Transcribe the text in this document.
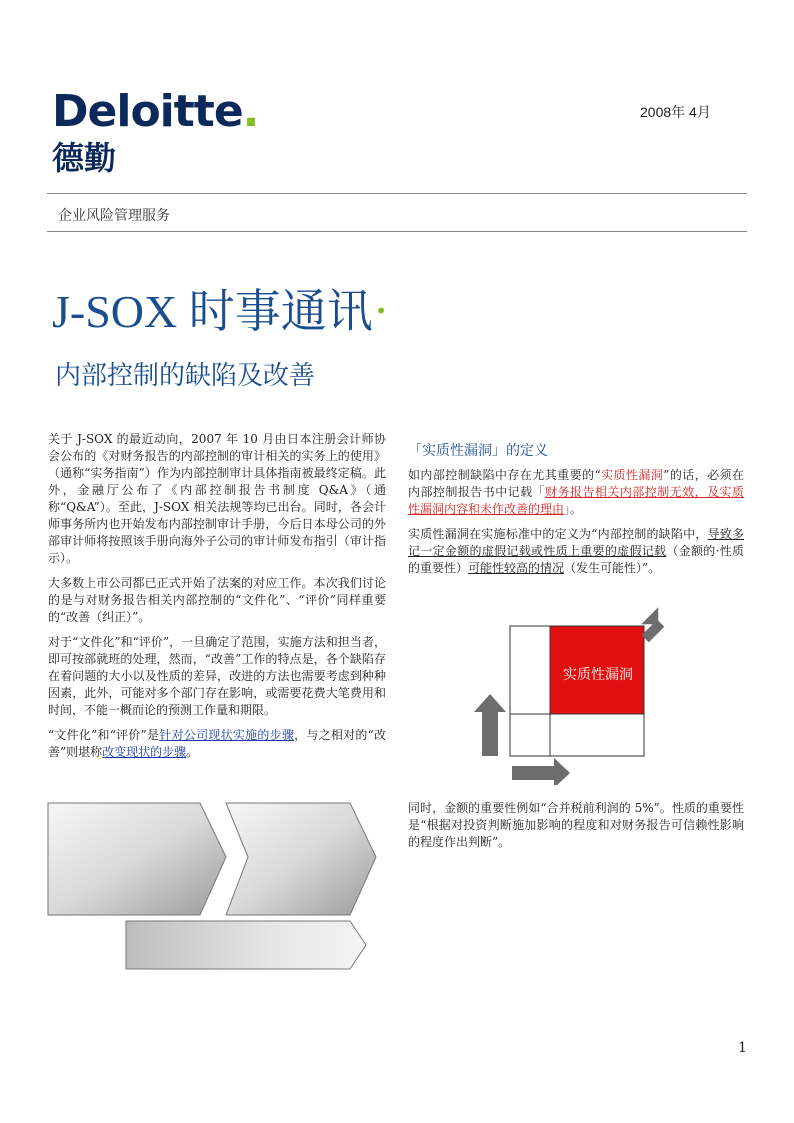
Deloitte.
德勤
2008年 4月
企业风险管理服务
J-SOX 时事通讯·
内部控制的缺陷及改善

关于 J-SOX 的最近动向，2007 年 10 月由日本注册会计师协会公布的《对财务报告的内部控制的审计相关的实务上的使用》（通称“实务指南”）作为内部控制审计具体指南被最终定稿。此外，金融厅公布了《内部控制报告书制度 Q&A》（通称“Q&A”）。至此，J-SOX 相关法规等均已出台。同时，各会计师事务所内也开始发布内部控制审计手册，今后日本母公司的外部审计师将按照该手册向海外子公司的审计师发布指引（审计指示）。

大多数上市公司都已正式开始了法案的对应工作。本次我们讨论的是与对财务报告相关内部控制的“文件化”、“评价”同样重要的“改善（纠正）”。

对于“文件化”和“评价”，一旦确定了范围，实施方法和担当者，即可按部就班的处理，然而，“改善”工作的特点是，各个缺陷存在着问题的大小以及性质的差异，改进的方法也需要考虑到种种因素，此外，可能对多个部门存在影响，或需要花费大笔费用和时间，不能一概而论的预测工作量和期限。

“文件化”和“评价”是针对公司现状实施的步骤，与之相对的“改善”则堪称改变现状的步骤。

「实质性漏洞」的定义

如内部控制缺陷中存在尤其重要的“实质性漏洞”的话，必须在内部控制报告书中记载「财务报告相关内部控制无效，及实质性漏洞内容和未作改善的理由」。

实质性漏洞在实施标准中的定义为“内部控制的缺陷中，导致多记一定金额的虚假记载或性质上重要的虚假记载（金额的·性质的重要性）可能性较高的情况（发生可能性）”。

实质性漏洞

同时，金额的重要性例如“合并税前利润的 5%”。性质的重要性是“根据对投资判断施加影响的程度和对财务报告可信赖性影响的程度作出判断”。

1
